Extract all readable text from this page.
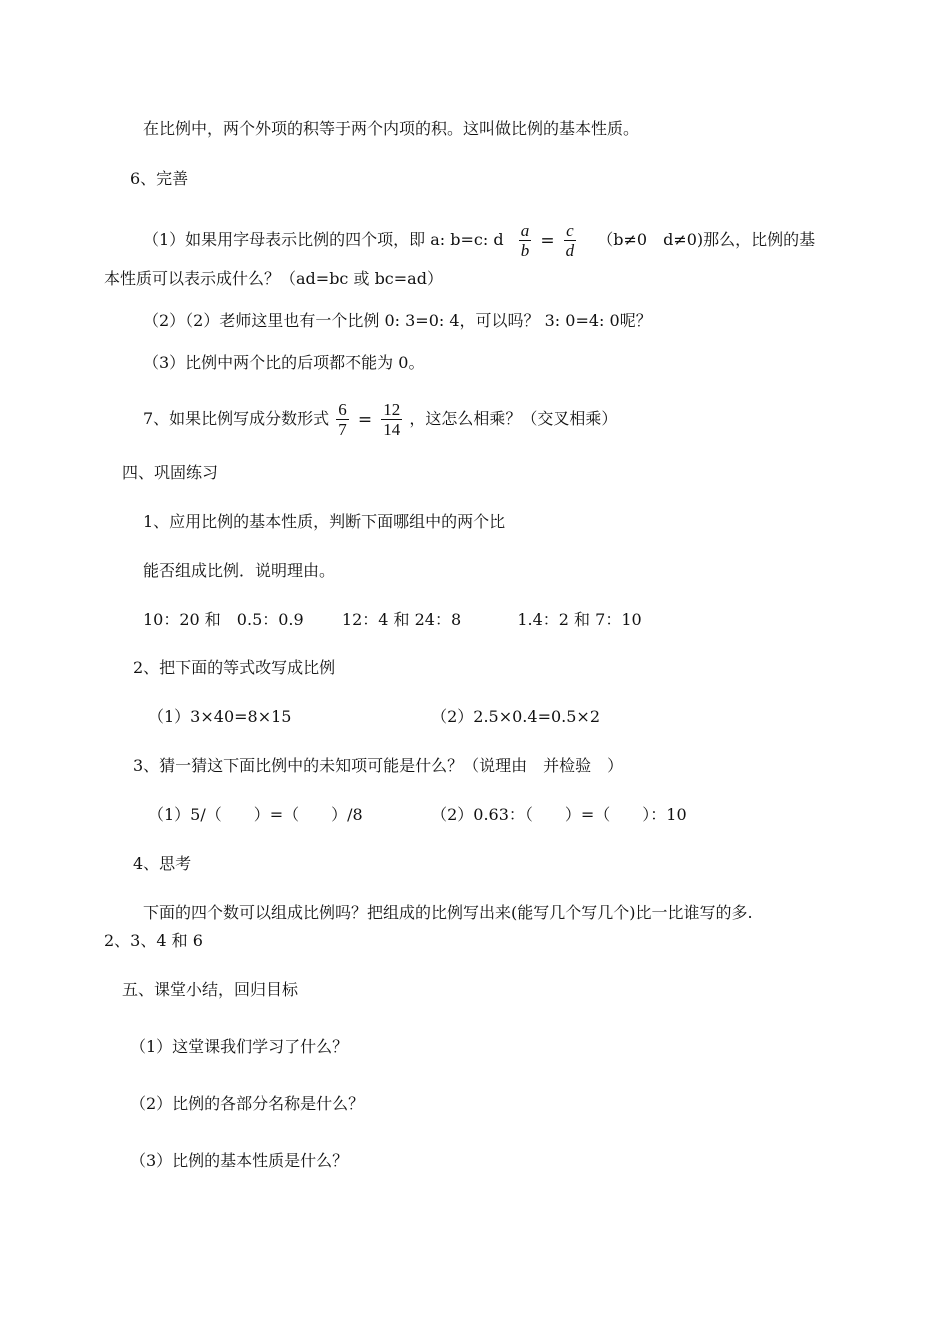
在比例中，两个外项的积等于两个内项的积。这叫做比例的基本性质。
6、完善
（1）如果用字母表示比例的四个项，即 a: b=c: d $\frac{a}{b} = \frac{c}{d} (b\ne 0$　d≠0)那么，比例的基
本性质可以表示成什么？（ad=bc 或 bc=ad）
（2）（2）老师这里也有一个比例 0: 3=0: 4，可以吗？ 3: 0=4: 0呢？
（3）比例中两个比的后项都不能为 0。
7、如果比例写成分数形式 $\frac{6}{7} = \frac{12}{14}$ ，这怎么相乘？（交叉相乘）
四、巩固练习
1、应用比例的基本性质，判断下面哪组中的两个比
能否组成比例．说明理由。
10：20 和　0.5：0.9 12：4 和 24：8	1.4：2 和 7：10
2、把下面的等式改写成比例
（1）3×40=8×15	（2）2.5×0.4=0.5×2
3、猜一猜这下面比例中的未知项可能是什么？（说理由　并检验　）
（1）5/（　　）=（　　）/8	（2）0.63：（　　）=（　　）：10
4、思考
下面的四个数可以组成比例吗？把组成的比例写出来(能写几个写几个)比一比谁写的多.
2、3、4 和 6
五、课堂小结，回归目标
（1）这堂课我们学习了什么？
（2）比例的各部分名称是什么？
（3）比例的基本性质是什么？
